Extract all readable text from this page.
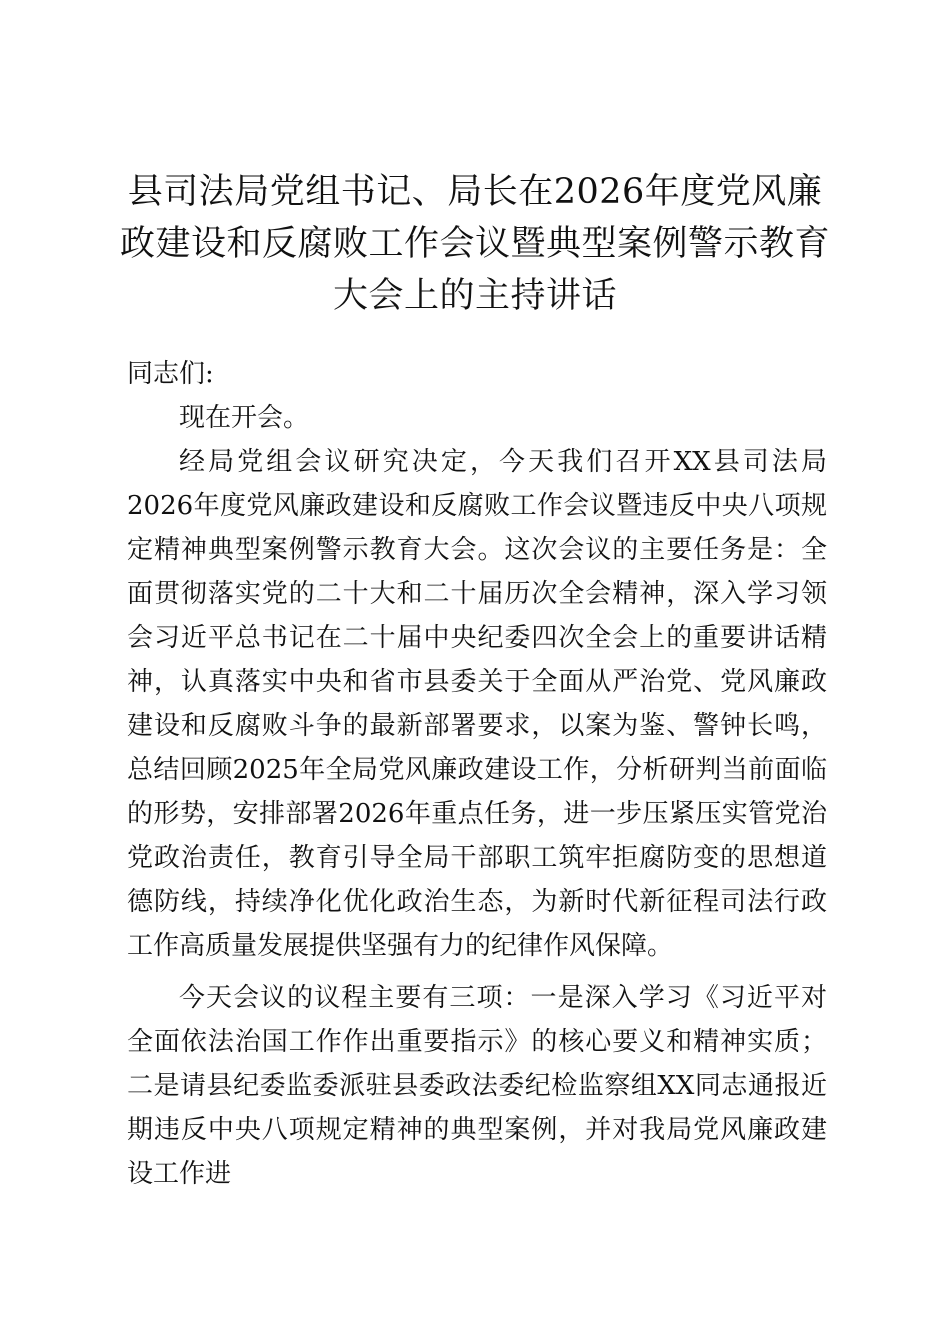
县司法局党组书记、局长在2026年度党风廉政建设和反腐败工作会议暨典型案例警示教育大会上的主持讲话

同志们:

现在开会。

经局党组会议研究决定，今天我们召开XX县司法局2026年度党风廉政建设和反腐败工作会议暨违反中央八项规定精神典型案例警示教育大会。这次会议的主要任务是：全面贯彻落实党的二十大和二十届历次全会精神，深入学习领会习近平总书记在二十届中央纪委四次全会上的重要讲话精神，认真落实中央和省市县委关于全面从严治党、党风廉政建设和反腐败斗争的最新部署要求，以案为鉴、警钟长鸣，总结回顾2025年全局党风廉政建设工作，分析研判当前面临的形势，安排部署2026年重点任务，进一步压紧压实管党治党政治责任，教育引导全局干部职工筑牢拒腐防变的思想道德防线，持续净化优化政治生态，为新时代新征程司法行政工作高质量发展提供坚强有力的纪律作风保障。

今天会议的议程主要有三项：一是深入学习《习近平对全面依法治国工作作出重要指示》的核心要义和精神实质；二是请县纪委监委派驻县委政法委纪检监察组XX同志通报近期违反中央八项规定精神的典型案例，并对我局党风廉政建设工作进
